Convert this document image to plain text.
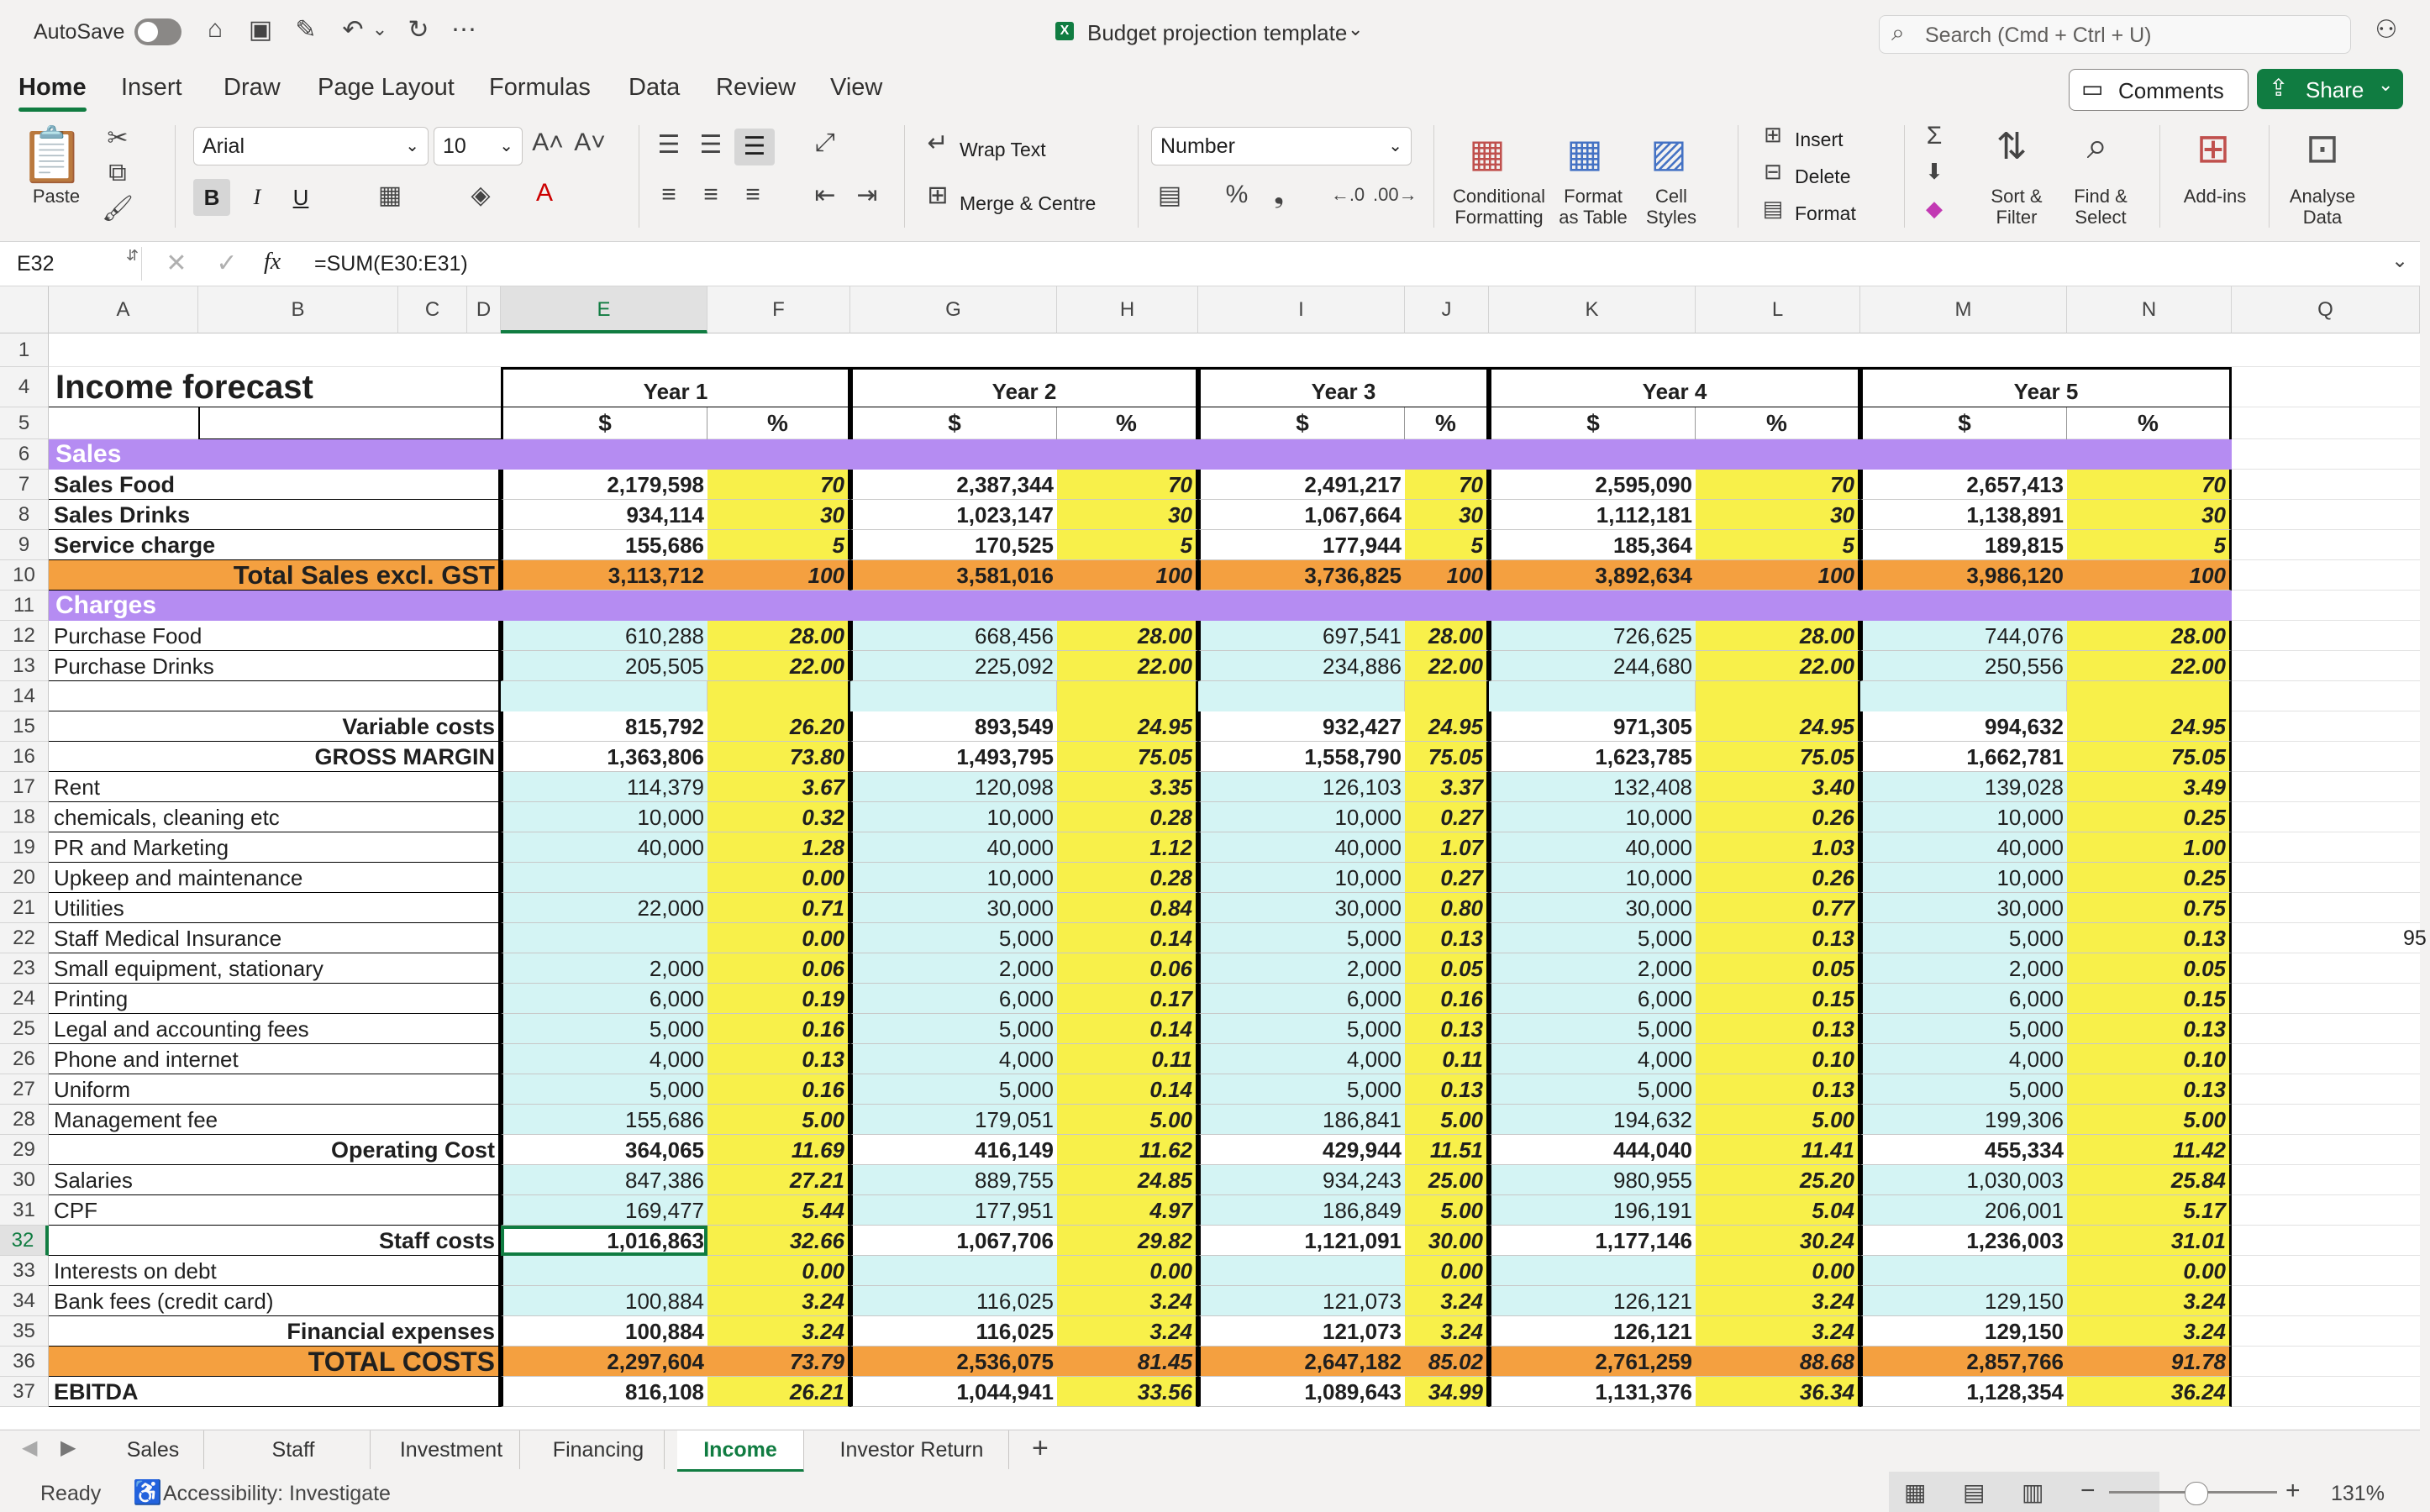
AutoSave	⌂	▣ ✎ ↶ ⌄ ↻ ⋯	X Budget projection template ⌄	⌕ Search (Cmd + Ctrl + U)	⚇
Home Insert Draw Page Layout Formulas Data Review View	▭ Comments ⇪ Share ⌄
📋
Paste
✂
⧉
🖌
Arial	⌄	10 ⌄ A˄ A˅
B	I	U	▦	◈	A
☰ ☰ ☰
≡	≡	≡
⤢
⇤ ⇥
↵ Wrap Text
⊞ Merge & Centre
Number	⌄
▤ %	❟	←.0 .00→
▦
Conditional
Formatting
▦
Format
as Table
▨
Cell
Styles
⊞ Insert
⊟ Delete
▤ Format
Σ
⬇
◆
⇅
Sort &
Filter
⌕
Find &
Select
⊞
Add-ins
⊡
Analyse
Data
E32	⇵ ✕ ✓ fx =SUM(E30:E31)	⌄
A	B	C	D	E	F	G	H	I	J	K	L	M	N	Q
1
4 Income forecast	Year 1	Year 2	Year 3	Year 4	Year 5
5	$	%	$	%	$	%	$	%	$	%
6	Sales
7	Sales Food	2,179,598	70	2,387,344	70	2,491,217	70	2,595,090	70	2,657,413	70
8	Sales Drinks	934,114	30	1,023,147	30	1,067,664	30	1,112,181	30	1,138,891	30
9	Service charge	155,686	5	170,525	5	177,944	5	185,364	5	189,815	5
10	Total Sales excl. GST	3,113,712	100	3,581,016	100	3,736,825	100	3,892,634	100	3,986,120	100
11 Charges
12 Purchase Food	610,288	28.00	668,456	28.00	697,541	28.00	726,625	28.00	744,076	28.00
13 Purchase Drinks	205,505	22.00	225,092	22.00	234,886	22.00	244,680	22.00	250,556	22.00
14
15	Variable costs	815,792	26.20	893,549	24.95	932,427	24.95	971,305	24.95	994,632	24.95
16	GROSS MARGIN	1,363,806	73.80	1,493,795	75.05	1,558,790	75.05	1,623,785	75.05	1,662,781	75.05
17 Rent	114,379	3.67	120,098	3.35	126,103	3.37	132,408	3.40	139,028	3.49
18 chemicals, cleaning etc	10,000	0.32	10,000	0.28	10,000	0.27	10,000	0.26	10,000	0.25
19 PR and Marketing	40,000	1.28	40,000	1.12	40,000	1.07	40,000	1.03	40,000	1.00
20 Upkeep and maintenance	0.00	10,000	0.28	10,000	0.27	10,000	0.26	10,000	0.25
21 Utilities	22,000	0.71	30,000	0.84	30,000	0.80	30,000	0.77	30,000	0.75
22 Staff Medical Insurance	0.00	5,000	0.14	5,000	0.13	5,000	0.13	5,000	0.13	95
23 Small equipment, stationary	2,000	0.06	2,000	0.06	2,000	0.05	2,000	0.05	2,000	0.05
24 Printing	6,000	0.19	6,000	0.17	6,000	0.16	6,000	0.15	6,000	0.15
25 Legal and accounting fees	5,000	0.16	5,000	0.14	5,000	0.13	5,000	0.13	5,000	0.13
26 Phone and internet	4,000	0.13	4,000	0.11	4,000	0.11	4,000	0.10	4,000	0.10
27 Uniform	5,000	0.16	5,000	0.14	5,000	0.13	5,000	0.13	5,000	0.13
28 Management fee	155,686	5.00	179,051	5.00	186,841	5.00	194,632	5.00	199,306	5.00
29	Operating Cost	364,065	11.69	416,149	11.62	429,944	11.51	444,040	11.41	455,334	11.42
30 Salaries	847,386	27.21	889,755	24.85	934,243	25.00	980,955	25.20	1,030,003	25.84
31 CPF	169,477	5.44	177,951	4.97	186,849	5.00	196,191	5.04	206,001	5.17
32	Staff costs	1,016,863	32.66	1,067,706	29.82	1,121,091	30.00	1,177,146	30.24	1,236,003	31.01
33 Interests on debt	0.00	0.00	0.00	0.00	0.00
34 Bank fees (credit card)	100,884	3.24	116,025	3.24	121,073	3.24	126,121	3.24	129,150	3.24
35	Financial expenses	100,884	3.24	116,025	3.24	121,073	3.24	126,121	3.24	129,150	3.24
36	TOTAL COSTS	2,297,604	73.79	2,536,075	81.45	2,647,182	85.02	2,761,259	88.68	2,857,766	91.78
37 EBITDA	816,108	26.21	1,044,941	33.56	1,089,643	34.99	1,131,376	36.34	1,128,354	36.24
◀ ▶	Sales	Staff	Investment	Financing	Income	Investor Return	+
Ready ♿ Accessibility: Investigate	▦ ▤ ▥ −	+ 131%
